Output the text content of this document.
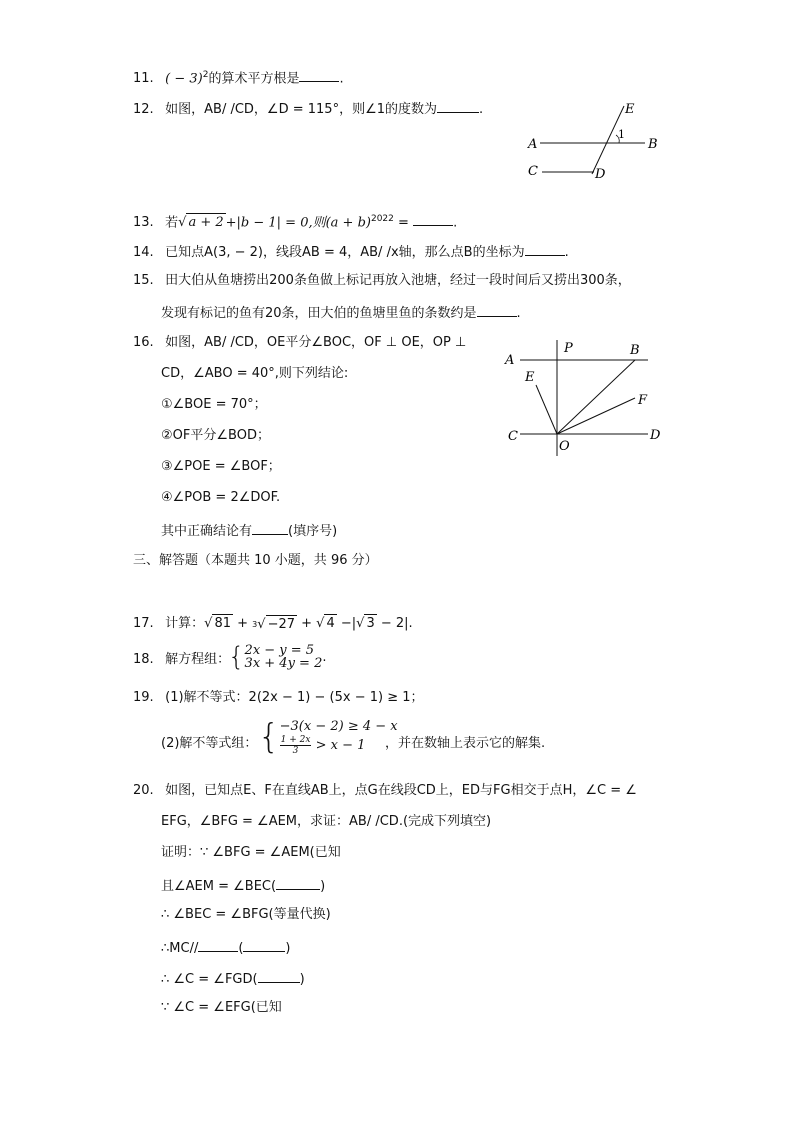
11. ( − 3)$^2$的算术平方根是	.
12. 如图，AB/ /CD，∠D = 115°，则∠1的度数为	.
A	B
C	D
E
1
13. 若√ a + 2 +|b − 1| = 0,则$(a + b)^{2022}$ =	.
14. 已知点A(3, − 2)，线段AB = 4，AB/ /x轴，那么点B的坐标为	.
15. 田大伯从鱼塘捞出200条鱼做上标记再放入池塘，经过一段时间后又捞出300条，
发现有标记的鱼有20条，田大伯的鱼塘里鱼的条数约是	.
16. 如图，AB/ /CD，OE平分∠BOC，OF ⊥ OE，OP ⊥
CD，∠ABO = 40°,则下列结论:
①∠BOE = 70°；
②OF平分∠BOD；
③∠POE = ∠BOF；
④∠POB = 2∠DOF.
其中正确结论有	(填序号)
A
P	B
E
F
C
O
D
三、解答题（本题共 10 小题，共 96 分）
17. 计算：√ 81 + 3 √ −27 + √ 4 −|√ 3 − 2|.
18. 解方程组：
{ 2x − y = 5
3x + 4y = 2 .
19. (1)解不等式：2(2x − 1) − (5x − 1) ≥ 1；
(2)解不等式组： { −3(x − 2) ≥ 4 − x
$\frac{1 + 2x}{3} > x - 1$	，并在数轴上表示它的解集.
20. 如图，已知点E、F在直线AB上，点G在线段CD上，ED与FG相交于点H，∠C = ∠
EFG，∠BFG = ∠AEM，求证：AB/ /CD.(完成下列填空)
证明：∵ ∠BFG = ∠AEM(已知
且∠AEM = ∠BEC(	)
∴ ∠BEC = ∠BFG(等量代换)
∴MC//	(	)
∴ ∠C = ∠FGD(	)
∵ ∠C = ∠EFG(已知
